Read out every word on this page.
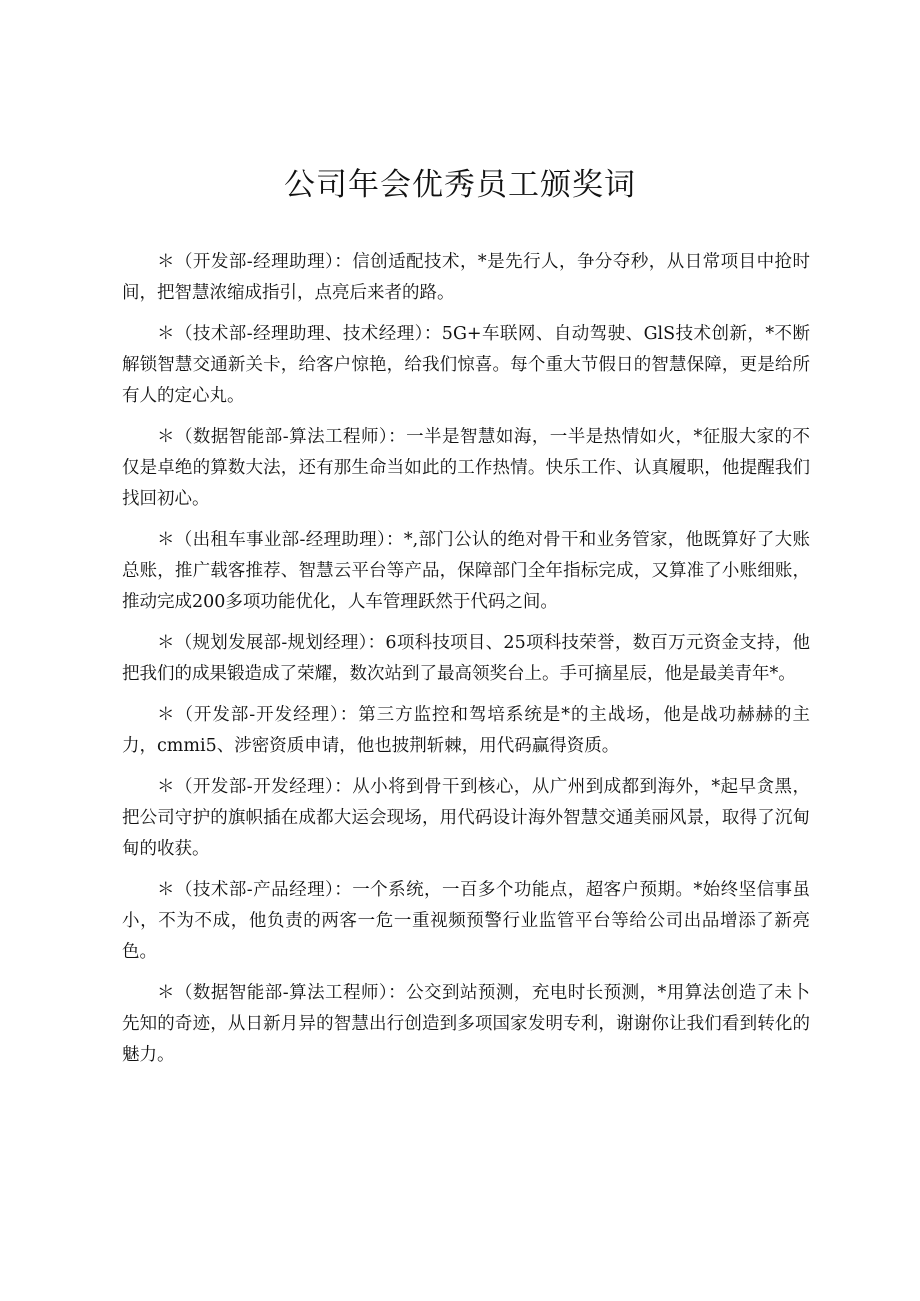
公司年会优秀员工颁奖词

＊（开发部-经理助理）：信创适配技术，*是先行人，争分夺秒，从日常项目中抢时间，把智慧浓缩成指引，点亮后来者的路。

＊（技术部-经理助理、技术经理）：5G+车联网、自动驾驶、GlS技术创新，*不断解锁智慧交通新关卡，给客户惊艳，给我们惊喜。每个重大节假日的智慧保障，更是给所有人的定心丸。

＊（数据智能部-算法工程师）：一半是智慧如海，一半是热情如火，*征服大家的不仅是卓绝的算数大法，还有那生命当如此的工作热情。快乐工作、认真履职，他提醒我们找回初心。

＊（出租车事业部-经理助理）：*,部门公认的绝对骨干和业务管家，他既算好了大账总账，推广载客推荐、智慧云平台等产品，保障部门全年指标完成，又算准了小账细账，推动完成200多项功能优化，人车管理跃然于代码之间。

＊（规划发展部-规划经理）：6项科技项目、25项科技荣誉，数百万元资金支持，他把我们的成果锻造成了荣耀，数次站到了最高领奖台上。手可摘星辰，他是最美青年*。

＊（开发部-开发经理）：第三方监控和驾培系统是*的主战场，他是战功赫赫的主力，cmmi5、涉密资质申请，他也披荆斩棘，用代码赢得资质。

＊（开发部-开发经理）：从小将到骨干到核心，从广州到成都到海外，*起早贪黑，把公司守护的旗帜插在成都大运会现场，用代码设计海外智慧交通美丽风景，取得了沉甸甸的收获。

＊（技术部-产品经理）：一个系统，一百多个功能点，超客户预期。*始终坚信事虽小，不为不成，他负责的两客一危一重视频预警行业监管平台等给公司出品增添了新亮色。

＊（数据智能部-算法工程师）：公交到站预测，充电时长预测，*用算法创造了未卜先知的奇迹，从日新月异的智慧出行创造到多项国家发明专利，谢谢你让我们看到转化的魅力。
